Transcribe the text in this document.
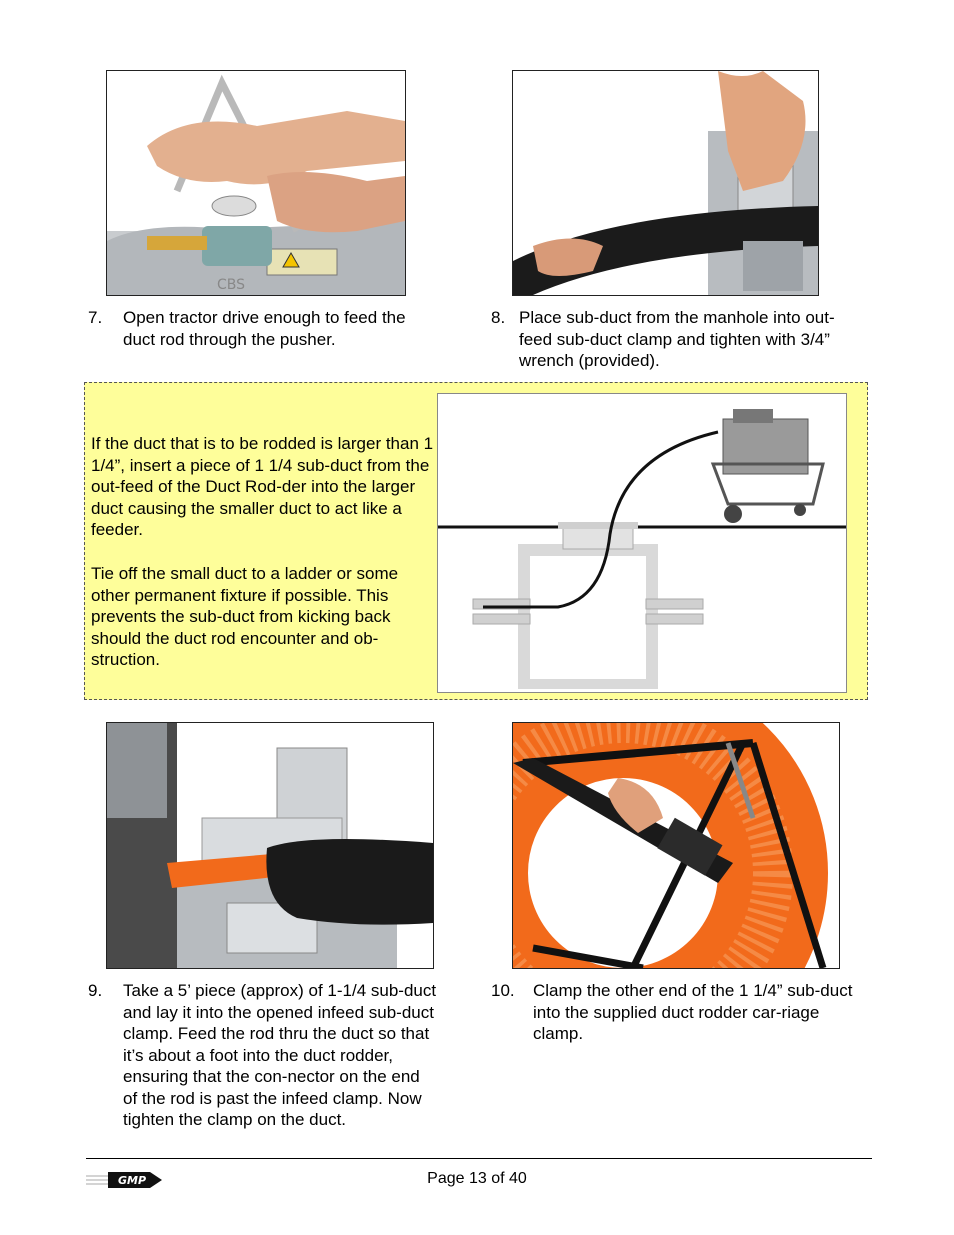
CBS
7. Open tractor drive enough to feed the duct rod through the pusher.
8. Place sub-duct from the manhole into out-feed sub-duct clamp and tighten with 3/4” wrench (provided).
If the duct that is to be rodded is larger than 1 1/4”, insert a piece of 1 1/4 sub-duct from the out-feed of the Duct Rod-der into the larger duct causing the smaller duct to act like a feeder.
Tie off the small duct to a ladder or some other permanent fixture if possible. This prevents the sub-duct from kicking back should the duct rod encounter and ob-struction.
9. Take a 5’ piece (approx) of 1-1/4 sub-duct and lay it into the opened infeed sub-duct clamp. Feed the rod thru the duct so that it’s about a foot into the duct rodder, ensuring that the con-nector on the end of the rod is past the infeed clamp. Now tighten the clamp on the duct.
10. Clamp the other end of the 1 1/4” sub-duct into the supplied duct rodder car-riage clamp.
GMP	Page 13 of 40
